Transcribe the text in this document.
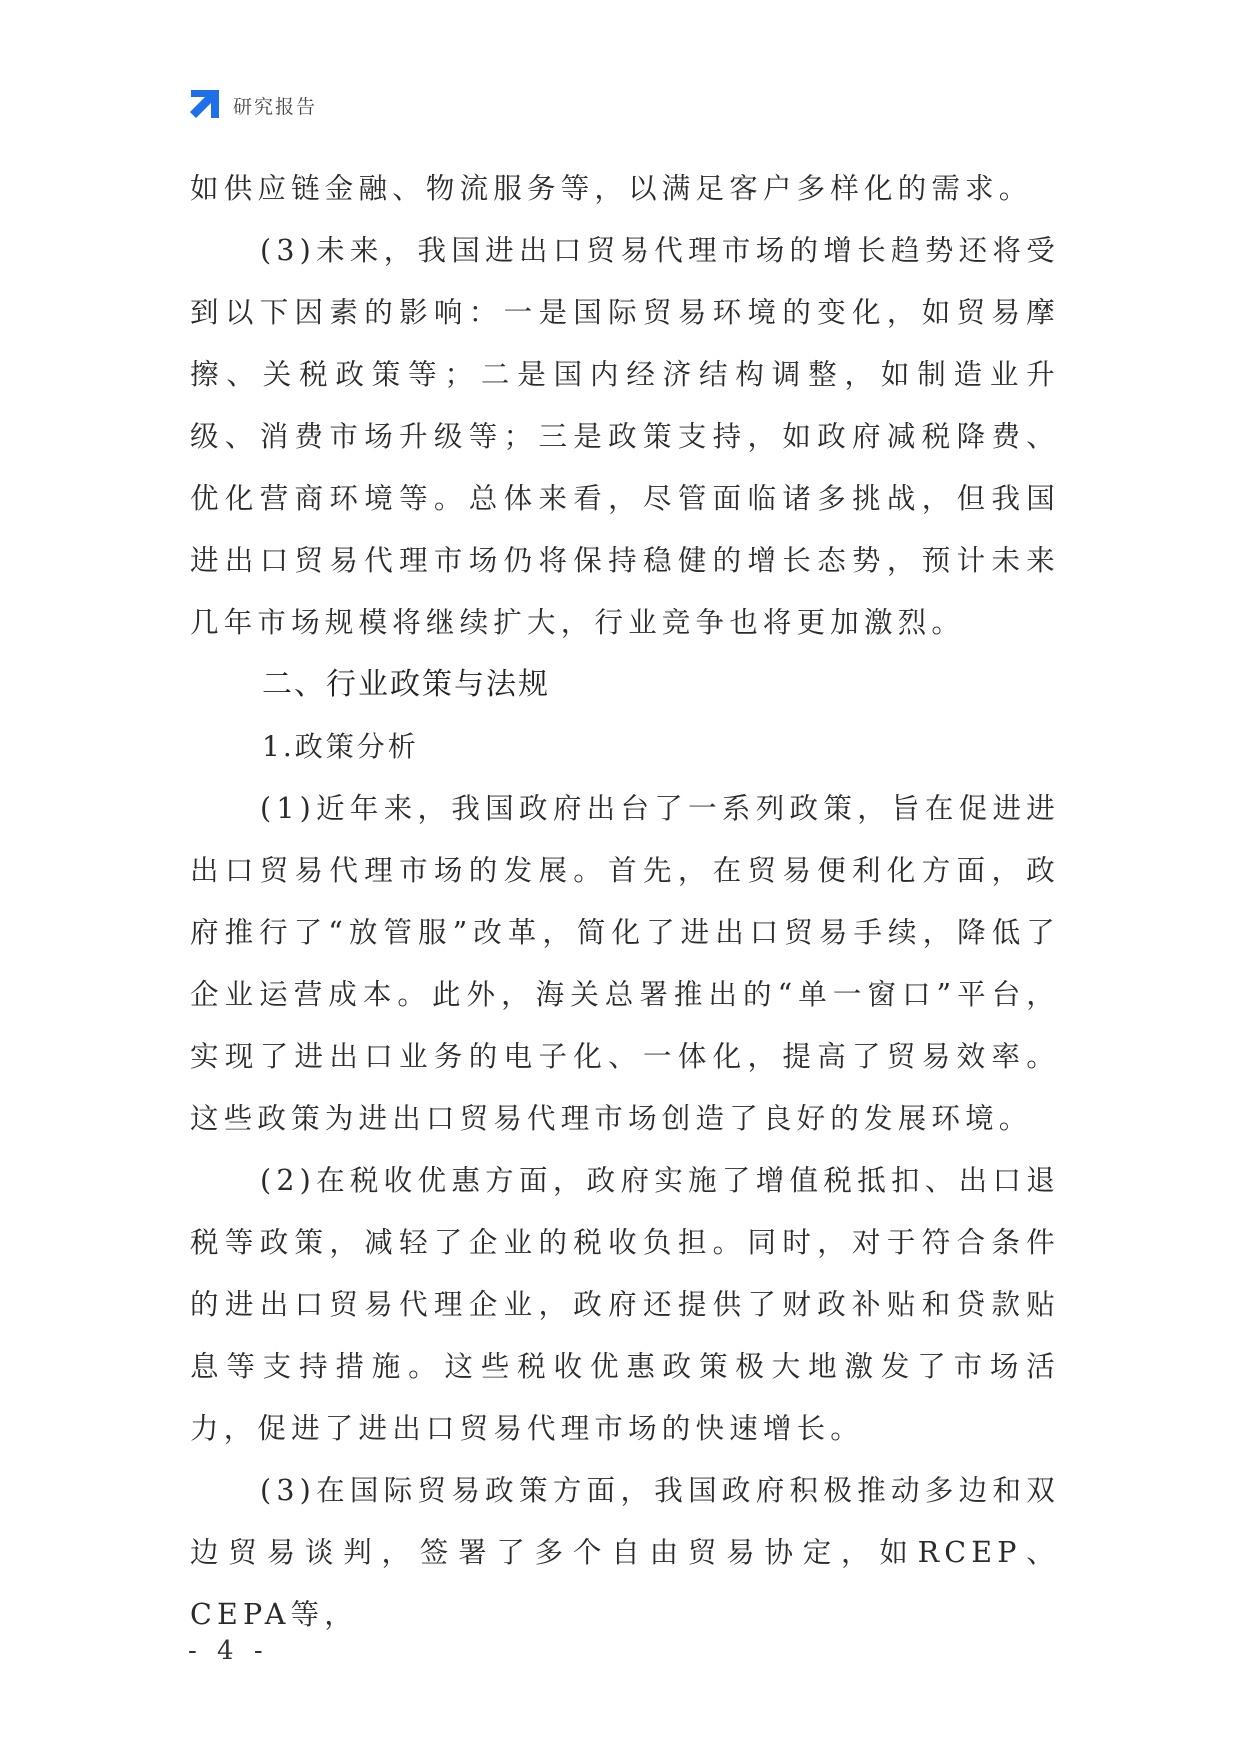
研究报告

如供应链金融、物流服务等，以满足客户多样化的需求。

(3)未来，我国进出口贸易代理市场的增长趋势还将受到以下因素的影响：一是国际贸易环境的变化，如贸易摩擦、关税政策等；二是国内经济结构调整，如制造业升级、消费市场升级等；三是政策支持，如政府减税降费、优化营商环境等。总体来看，尽管面临诸多挑战，但我国进出口贸易代理市场仍将保持稳健的增长态势，预计未来几年市场规模将继续扩大，行业竞争也将更加激烈。

二、行业政策与法规
1.政策分析

(1)近年来，我国政府出台了一系列政策，旨在促进进出口贸易代理市场的发展。首先，在贸易便利化方面，政府推行了“放管服”改革，简化了进出口贸易手续，降低了企业运营成本。此外，海关总署推出的“单一窗口”平台，实现了进出口业务的电子化、一体化，提高了贸易效率。这些政策为进出口贸易代理市场创造了良好的发展环境。

(2)在税收优惠方面，政府实施了增值税抵扣、出口退税等政策，减轻了企业的税收负担。同时，对于符合条件的进出口贸易代理企业，政府还提供了财政补贴和贷款贴息等支持措施。这些税收优惠政策极大地激发了市场活力，促进了进出口贸易代理市场的快速增长。

(3)在国际贸易政策方面，我国政府积极推动多边和双边贸易谈判，签署了多个自由贸易协定，如RCEP、CEPA等，

- 4 -
